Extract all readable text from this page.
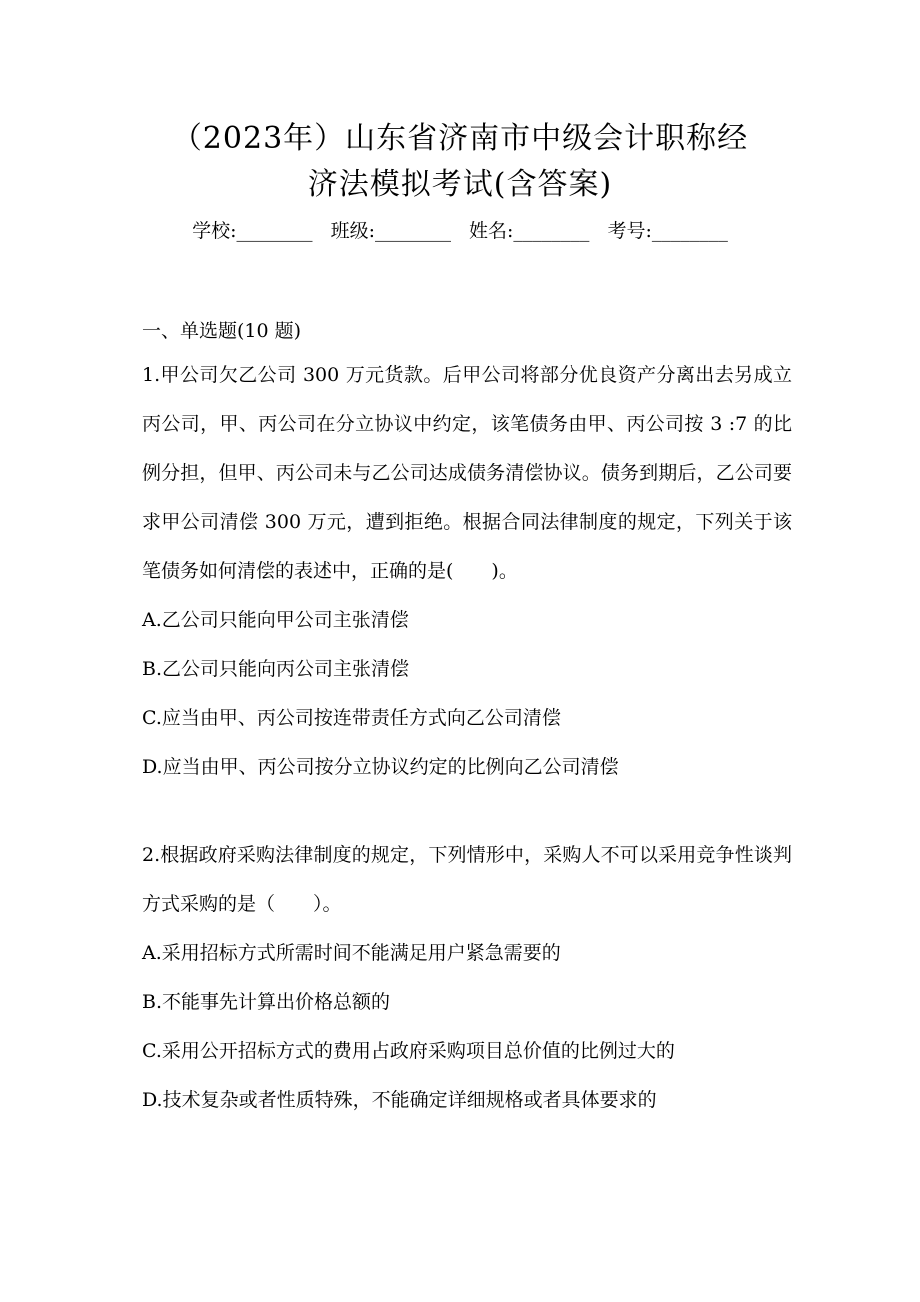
（2023年）山东省济南市中级会计职称经
济法模拟考试(含答案)
学校:________ 班级:________ 姓名:________ 考号:________
一、单选题(10 题)

1.甲公司欠乙公司 300 万元货款。后甲公司将部分优良资产分离出去另成立丙公司，甲、丙公司在分立协议中约定，该笔债务由甲、丙公司按 3 :7 的比例分担，但甲、丙公司未与乙公司达成债务清偿协议。债务到期后，乙公司要求甲公司清偿 300 万元，遭到拒绝。根据合同法律制度的规定，下列关于该笔债务如何清偿的表述中，正确的是(　　)。

A.乙公司只能向甲公司主张清偿

B.乙公司只能向丙公司主张清偿

C.应当由甲、丙公司按连带责任方式向乙公司清偿

D.应当由甲、丙公司按分立协议约定的比例向乙公司清偿

2.根据政府采购法律制度的规定，下列情形中，采购人不可以采用竞争性谈判方式采购的是（　　）。

A.采用招标方式所需时间不能满足用户紧急需要的

B.不能事先计算出价格总额的

C.采用公开招标方式的费用占政府采购项目总价值的比例过大的

D.技术复杂或者性质特殊，不能确定详细规格或者具体要求的
